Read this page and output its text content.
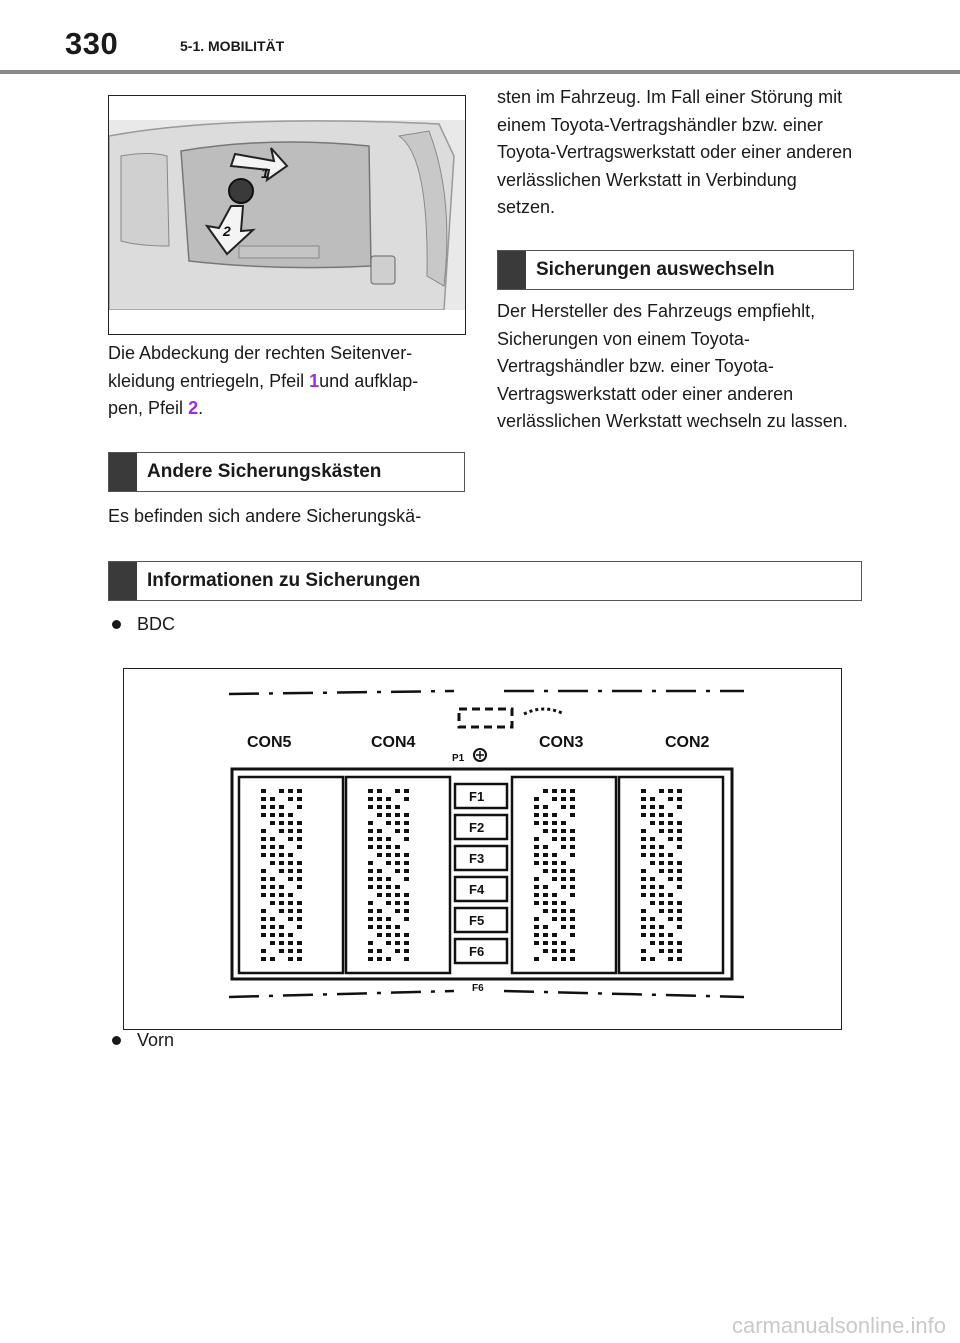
330	5-1. MOBILITÄT
1
2
Die Abdeckung der rechten Seitenver-
kleidung entriegeln, Pfeil 1und aufklap-
pen, Pfeil 2.
Andere Sicherungskästen
Es befinden sich andere Sicherungskä-
sten im Fahrzeug. Im Fall einer Störung mit einem Toyota-Vertragshändler bzw. einer Toyota-Vertragswerkstatt oder einer anderen verlässlichen Werkstatt in Verbindung setzen.
Sicherungen auswechseln
Der Hersteller des Fahrzeugs empfiehlt, Sicherungen von einem Toyota-Vertragshändler bzw. einer Toyota-Vertragswerkstatt oder einer anderen verlässlichen Werkstatt wechseln zu lassen.
Informationen zu Sicherungen
BDC
CON5	CON4	CON3	CON2
P1
F1
F2
F3
F4
F5
F6
F6
Vorn
carmanualsonline.info
